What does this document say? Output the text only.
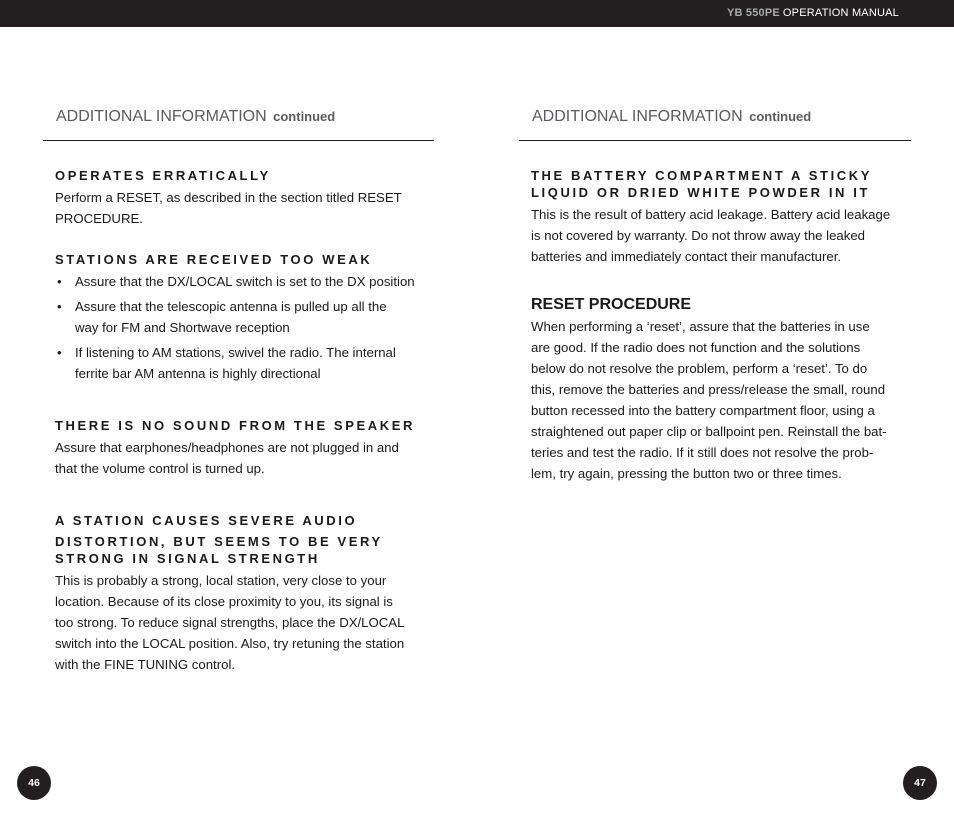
YB 550PE OPERATION MANUAL
ADDITIONAL INFORMATION continued
OPERATES ERRATICALLY

Perform a RESET, as described in the section titled RESET

PROCEDURE.

STATIONS ARE RECEIVED TOO WEAK
• Assure that the DX/LOCAL switch is set to the DX position
• Assure that the telescopic antenna is pulled up all the
way for FM and Shortwave reception
• If listening to AM stations, swivel the radio. The internal
ferrite bar AM antenna is highly directional
THERE IS NO SOUND FROM THE SPEAKER

Assure that earphones/headphones are not plugged in and

that the volume control is turned up.

A STATION CAUSES SEVERE AUDIO
DISTORTION, BUT SEEMS TO BE VERY
STRONG IN SIGNAL STRENGTH

This is probably a strong, local station, very close to your

location. Because of its close proximity to you, its signal is

too strong. To reduce signal strengths, place the DX/LOCAL

switch into the LOCAL position. Also, try retuning the station

with the FINE TUNING control.

ADDITIONAL INFORMATION continued
THE BATTERY COMPARTMENT A STICKY
LIQUID OR DRIED WHITE POWDER IN IT

This is the result of battery acid leakage. Battery acid leakage

is not covered by warranty. Do not throw away the leaked

batteries and immediately contact their manufacturer.

RESET PROCEDURE

When performing a ‘reset’, assure that the batteries in use

are good. If the radio does not function and the solutions

below do not resolve the problem, perform a ‘reset’. To do

this, remove the batteries and press/release the small, round

button recessed into the battery compartment floor, using a

straightened out paper clip or ballpoint pen. Reinstall the bat-

teries and test the radio. If it still does not resolve the prob-

lem, try again, pressing the button two or three times.

46	47
